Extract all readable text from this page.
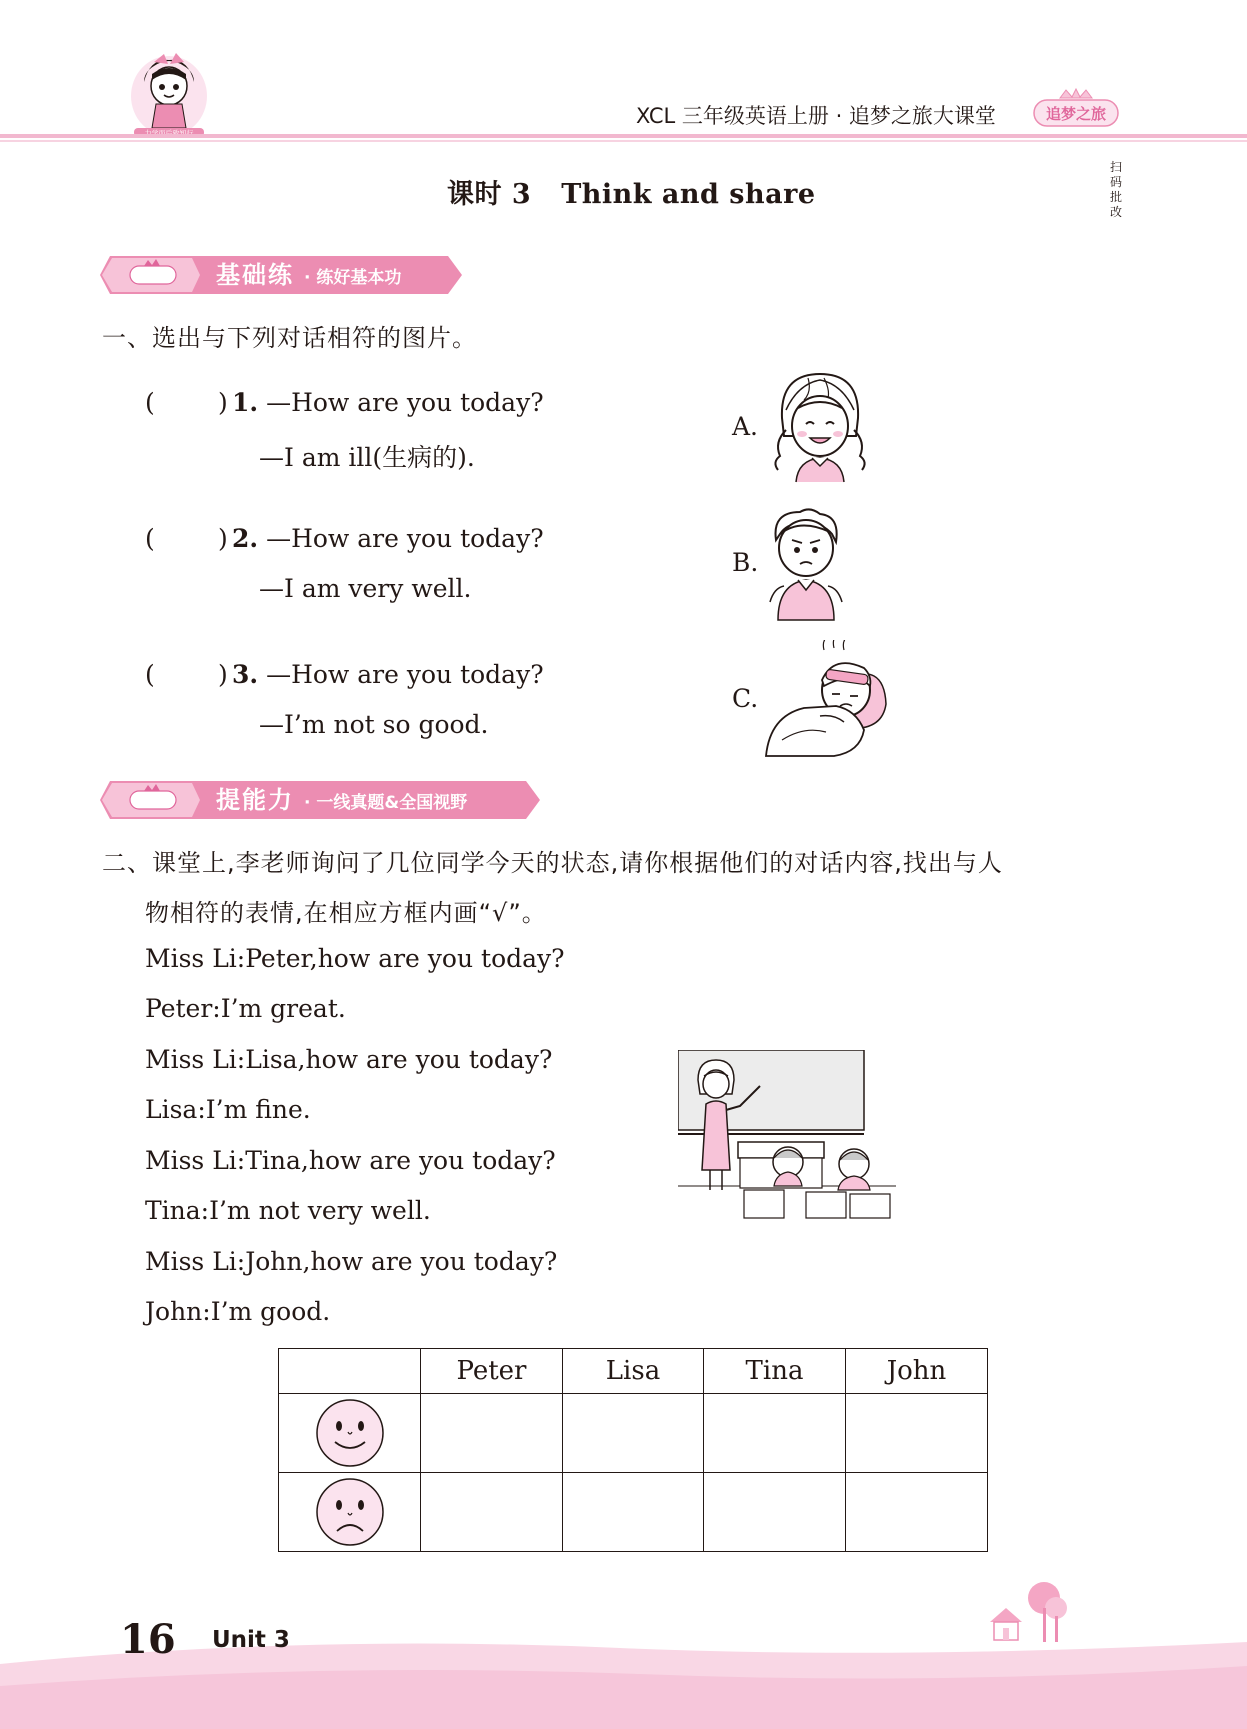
XCL 三年级英语上册 · 追梦之旅大课堂	追梦之旅
扫
码
批
改
课时 3 Think and share
基础练 · 练好基本功
一、选出与下列对话相符的图片。
(	) 1. —How are you today?
—I am ill(生病的).
(	) 2. —How are you today?
—I am very well.
(	) 3. —How are you today?
—I’m not so good.
A.
B.
C.
提能力 · 一线真题&全国视野
二、课堂上,李老师询问了几位同学今天的状态,请你根据他们的对话内容,找出与人
物相符的表情,在相应方框内画“√”。
Miss Li:Peter,how are you today?
Peter:I’m great.
Miss Li:Lisa,how are you today?
Lisa:I’m fine.
Miss Li:Tina,how are you today?
Tina:I’m not very well.
Miss Li:John,how are you today?
John:I’m good.
	Peter	Lisa	Tina	John

16 Unit 3
